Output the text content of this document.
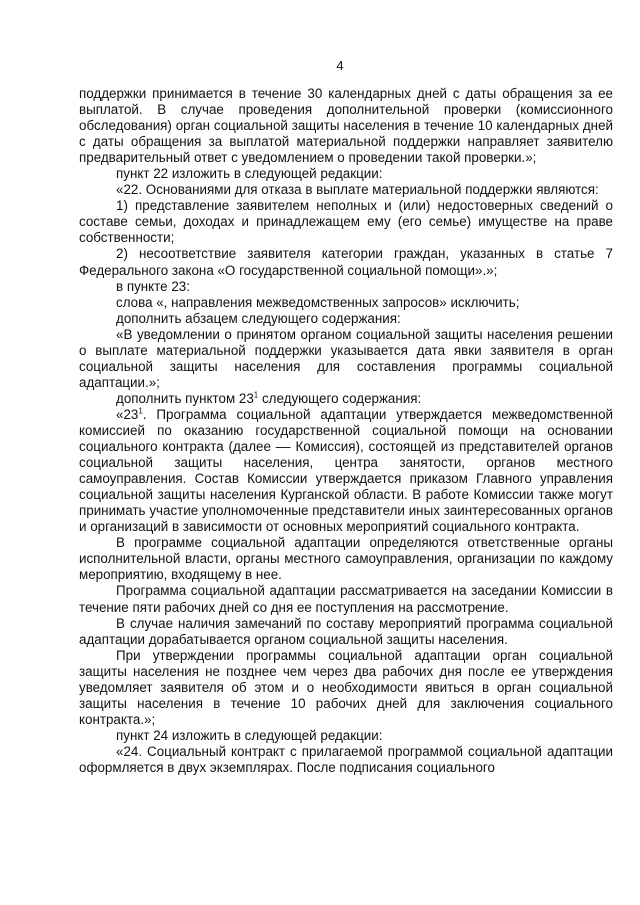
4

поддержки принимается в течение 30 календарных дней с даты обращения за ее выплатой. В случае проведения дополнительной проверки (комиссионного обследования) орган социальной защиты населения в течение 10 календарных дней с даты обращения за выплатой материальной поддержки направляет заявителю предварительный ответ с уведомлением о проведении такой проверки.»;

пункт 22 изложить в следующей редакции:

«22. Основаниями для отказа в выплате материальной поддержки являются:

1) представление заявителем неполных и (или) недостоверных сведений о составе семьи, доходах и принадлежащем ему (его семье) имуществе на праве собственности;

2) несоответствие заявителя категории граждан, указанных в статье 7 Федерального закона «О государственной социальной помощи».»;

в пункте 23:

слова «, направления межведомственных запросов» исключить;

дополнить абзацем следующего содержания:

«В уведомлении о принятом органом социальной защиты населения решении о выплате материальной поддержки указывается дата явки заявителя в орган социальной защиты населения для составления программы социальной адаптации.»;

дополнить пунктом $23^1$ следующего содержания:

«$23^1$. Программа социальной адаптации утверждается межведомственной комиссией по оказанию государственной социальной помощи на основании социального контракта (далее –– Комиссия), состоящей из представителей органов социальной защиты населения, центра занятости, органов местного самоуправления. Состав Комиссии утверждается приказом Главного управления социальной защиты населения Курганской области. В работе Комиссии также могут принимать участие уполномоченные представители иных заинтересованных органов и организаций в зависимости от основных мероприятий социального контракта.

В программе социальной адаптации определяются ответственные органы исполнительной власти, органы местного самоуправления, организации по каждому мероприятию, входящему в нее.

Программа социальной адаптации рассматривается на заседании Комиссии в течение пяти рабочих дней со дня ее поступления на рассмотрение.

В случае наличия замечаний по составу мероприятий программа социальной адаптации дорабатывается органом социальной защиты населения.

При утверждении программы социальной адаптации орган социальной защиты населения не позднее чем через два рабочих дня после ее утверждения уведомляет заявителя об этом и о необходимости явиться в орган социальной защиты населения в течение 10 рабочих дней для заключения социального контракта.»;

пункт 24 изложить в следующей редакции:

«24. Социальный контракт с прилагаемой программой социальной адаптации оформляется в двух экземплярах. После подписания социального
